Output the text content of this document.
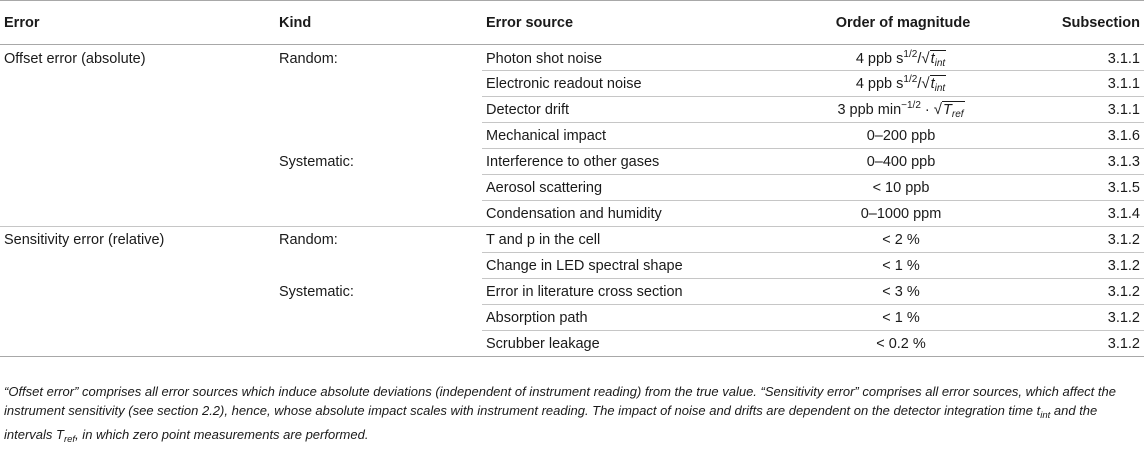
Error	Kind	Error source	Order of magnitude	Subsection
Offset error (absolute)	Random:	Photon shot noise	4 ppb $s^{1/2}/√t_{int}$	3.1.1
		Electronic readout noise	4 ppb $s^{1/2}/√t_{int}$	3.1.1
		Detector drift	3 ppb $\min^{-1/2} \cdot √T_{ref}$	3.1.1
		Mechanical impact	0–200 ppb	3.1.6
	Systematic:	Interference to other gases	0–400 ppb	3.1.3
		Aerosol scattering	< 10 ppb	3.1.5
		Condensation and humidity	0–1000 ppm	3.1.4
Sensitivity error (relative)	Random:	T and p in the cell	< 2 %	3.1.2
		Change in LED spectral shape	< 1 %	3.1.2
	Systematic:	Error in literature cross section	< 3 %	3.1.2
		Absorption path	< 1 %	3.1.2
		Scrubber leakage	< 0.2 %	3.1.2
“Offset error” comprises all error sources which induce absolute deviations (independent of instrument reading) from the true value. “Sensitivity error” comprises all error sources, which affect the instrument sensitivity (see section 2.2), hence, whose absolute impact scales with instrument reading. The impact of noise and drifts are dependent on the detector integration time $t_{int}$ and the intervals $T_{ref}$, in which zero point measurements are performed.
